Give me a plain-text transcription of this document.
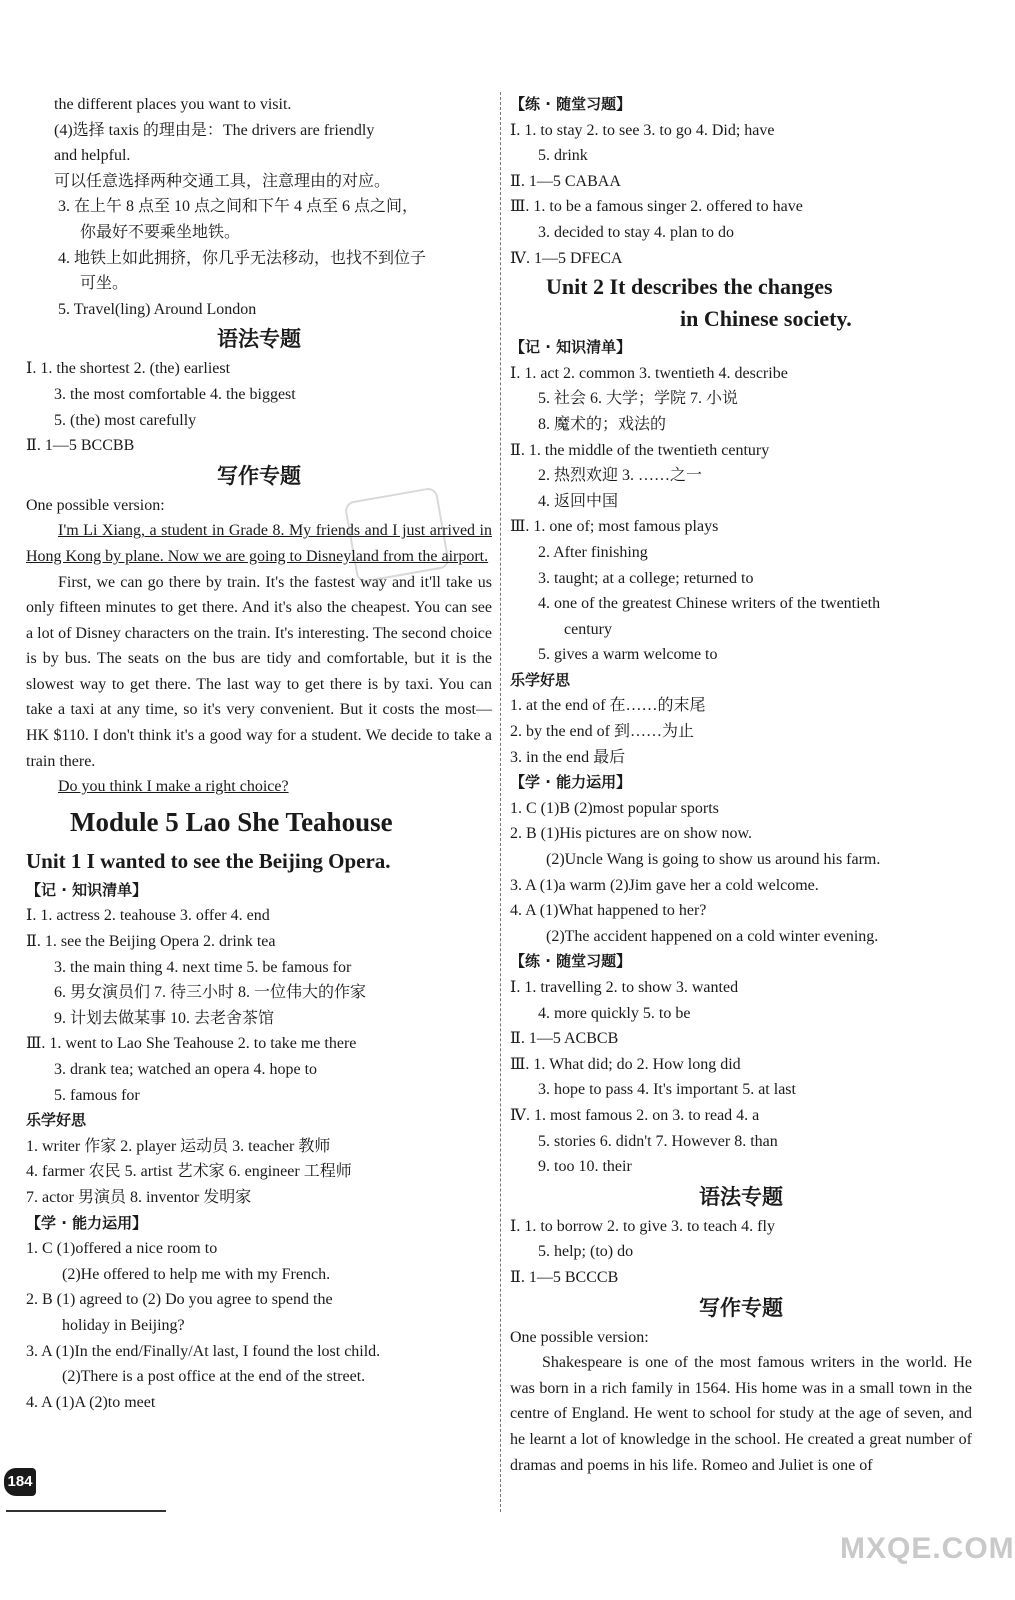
the different places you want to visit.
(4)选择 taxis 的理由是：The drivers are friendly
and helpful.
可以任意选择两种交通工具，注意理由的对应。
3. 在上午 8 点至 10 点之间和下午 4 点至 6 点之间，
你最好不要乘坐地铁。
4. 地铁上如此拥挤，你几乎无法移动，也找不到位子
可坐。
5. Travel(ling) Around London
语法专题
Ⅰ. 1. the shortest 2. (the) earliest
3. the most comfortable 4. the biggest
5. (the) most carefully
Ⅱ. 1—5 BCCBB
写作专题
One possible version:
I'm Li Xiang, a student in Grade 8. My friends and I just arrived in Hong Kong by plane. Now we are going to Disneyland from the airport.
First, we can go there by train. It's the fastest way and it'll take us only fifteen minutes to get there. And it's also the cheapest. You can see a lot of Disney characters on the train. It's interesting. The second choice is by bus. The seats on the bus are tidy and comfortable, but it is the slowest way to get there. The last way to get there is by taxi. You can take a taxi at any time, so it's very convenient. But it costs the most—HK $110. I don't think it's a good way for a student. We decide to take a train there.
Do you think I make a right choice?
Module 5 Lao She Teahouse
Unit 1 I wanted to see the Beijing Opera.
【记 · 知识清单】
Ⅰ. 1. actress 2. teahouse 3. offer 4. end
Ⅱ. 1. see the Beijing Opera 2. drink tea
3. the main thing 4. next time 5. be famous for
6. 男女演员们 7. 待三小时 8. 一位伟大的作家
9. 计划去做某事 10. 去老舍茶馆
Ⅲ. 1. went to Lao She Teahouse 2. to take me there
3. drank tea; watched an opera 4. hope to
5. famous for
乐学好思
1. writer 作家 2. player 运动员 3. teacher 教师
4. farmer 农民 5. artist 艺术家 6. engineer 工程师
7. actor 男演员 8. inventor 发明家
【学 · 能力运用】
1. C (1)offered a nice room to
(2)He offered to help me with my French.
2. B (1) agreed to (2) Do you agree to spend the
holiday in Beijing?
3. A (1)In the end/Finally/At last, I found the lost child.
(2)There is a post office at the end of the street.
4. A (1)A (2)to meet
【练 · 随堂习题】
Ⅰ. 1. to stay 2. to see 3. to go 4. Did; have
5. drink
Ⅱ. 1—5 CABAA
Ⅲ. 1. to be a famous singer 2. offered to have
3. decided to stay 4. plan to do
Ⅳ. 1—5 DFECA
Unit 2 It describes the changes
in Chinese society.
【记 · 知识清单】
Ⅰ. 1. act 2. common 3. twentieth 4. describe
5. 社会 6. 大学；学院 7. 小说
8. 魔术的；戏法的
Ⅱ. 1. the middle of the twentieth century
2. 热烈欢迎 3. ……之一
4. 返回中国
Ⅲ. 1. one of; most famous plays
2. After finishing
3. taught; at a college; returned to
4. one of the greatest Chinese writers of the twentieth
century
5. gives a warm welcome to
乐学好思
1. at the end of 在……的末尾
2. by the end of 到……为止
3. in the end 最后
【学 · 能力运用】
1. C (1)B (2)most popular sports
2. B (1)His pictures are on show now.
(2)Uncle Wang is going to show us around his farm.
3. A (1)a warm (2)Jim gave her a cold welcome.
4. A (1)What happened to her?
(2)The accident happened on a cold winter evening.
【练 · 随堂习题】
Ⅰ. 1. travelling 2. to show 3. wanted
4. more quickly 5. to be
Ⅱ. 1—5 ACBCB
Ⅲ. 1. What did; do 2. How long did
3. hope to pass 4. It's important 5. at last
Ⅳ. 1. most famous 2. on 3. to read 4. a
5. stories 6. didn't 7. However 8. than
9. too 10. their
语法专题
Ⅰ. 1. to borrow 2. to give 3. to teach 4. fly
5. help; (to) do
Ⅱ. 1—5 BCCCB
写作专题
One possible version:
Shakespeare is one of the most famous writers in the world. He was born in a rich family in 1564. His home was in a small town in the centre of England. He went to school for study at the age of seven, and he learnt a lot of knowledge in the school. He created a great number of dramas and poems in his life. Romeo and Juliet is one of
184
MXQE.COM
